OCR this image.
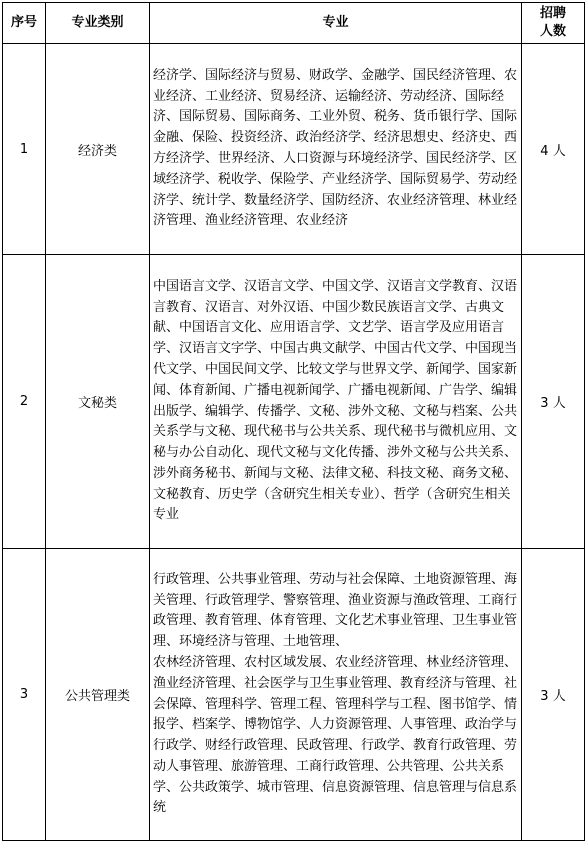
序号	专业类别	专业	招聘
人数

1	经济类	经济学、国际经济与贸易、财政学、金融学、国民经济管理、农业经济、工业经济、贸易经济、运输经济、劳动经济、国际经济、国际贸易、国际商务、工业外贸、税务、货币银行学、国际金融、保险、投资经济、政治经济学、经济思想史、经济史、西方经济学、世界经济、人口资源与环境经济学、国民经济学、区域经济学、税收学、保险学、产业经济学、国际贸易学、劳动经济学、统计学、数量经济学、国防经济、农业经济管理、林业经济管理、渔业经济管理、农业经济	4 人
2	文秘类	中国语言文学、汉语言文学、中国文学、汉语言文学教育、汉语言教育、汉语言、对外汉语、中国少数民族语言文学、古典文献、中国语言文化、应用语言学、文艺学、语言学及应用语言学、汉语言文字学、中国古典文献学、中国古代文学、中国现当代文学、中国民间文学、比较文学与世界文学、新闻学、国家新闻、体育新闻、广播电视新闻学、广播电视新闻、广告学、编辑出版学、编辑学、传播学、文秘、涉外文秘、文秘与档案、公共关系学与文秘、现代秘书与公共关系、现代秘书与微机应用、文秘与办公自动化、现代文秘与文化传播、涉外文秘与公共关系、涉外商务秘书、新闻与文秘、法律文秘、科技文秘、商务文秘、文秘教育、历史学（含研究生相关专业）、哲学（含研究生相关专业	3 人
3	公共管理类	行政管理、公共事业管理、劳动与社会保障、土地资源管理、海关管理、行政管理学、警察管理、渔业资源与渔政管理、工商行政管理、教育管理、体育管理、文化艺术事业管理、卫生事业管理、环境经济与管理、土地管理、

农林经济管理、农村区域发展、农业经济管理、林业经济管理、渔业经济管理、社会医学与卫生事业管理、教育经济与管理、社会保障、管理科学、管理工程、管理科学与工程、图书馆学、情报学、档案学、博物馆学、人力资源管理、人事管理、政治学与行政学、财经行政管理、民政管理、行政学、教育行政管理、劳动人事管理、旅游管理、工商行政管理、公共管理、公共关系学、公共政策学、城市管理、信息资源管理、信息管理与信息系统	3 人
